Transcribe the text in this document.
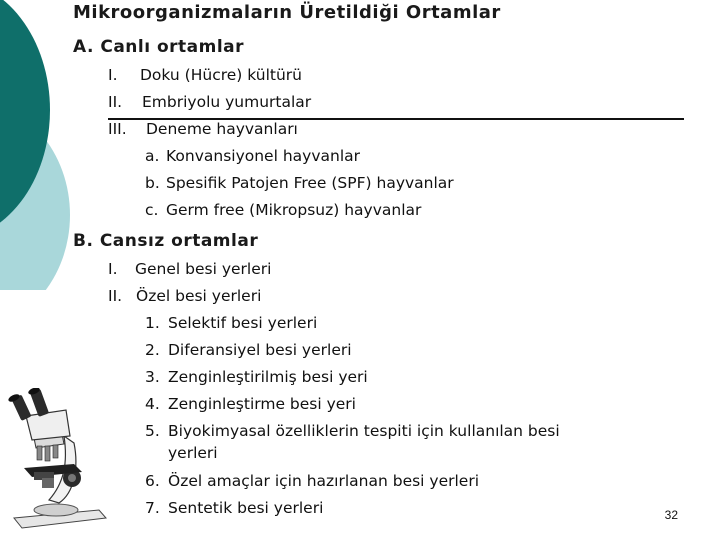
Mikroorganizmaların Üretildiği Ortamlar

A. Canlı ortamlar

I. Doku (Hücre) kültürü

II. Embriyolu yumurtalar

III. Deneme hayvanları

a. Konvansiyonel hayvanlar

b. Spesifik Patojen Free (SPF) hayvanlar

c. Germ free (Mikropsuz) hayvanlar

B. Cansız ortamlar

I. Genel besi yerleri

II. Özel besi yerleri

1. Selektif besi yerleri

2. Diferansiyel besi yerleri

3. Zenginleştirilmiş besi yeri

4. Zenginleştirme besi yeri

5. Biyokimyasal özelliklerin tespiti için kullanılan besi

yerleri

6. Özel amaçlar için hazırlanan besi yerleri

7. Sentetik besi yerleri	32
